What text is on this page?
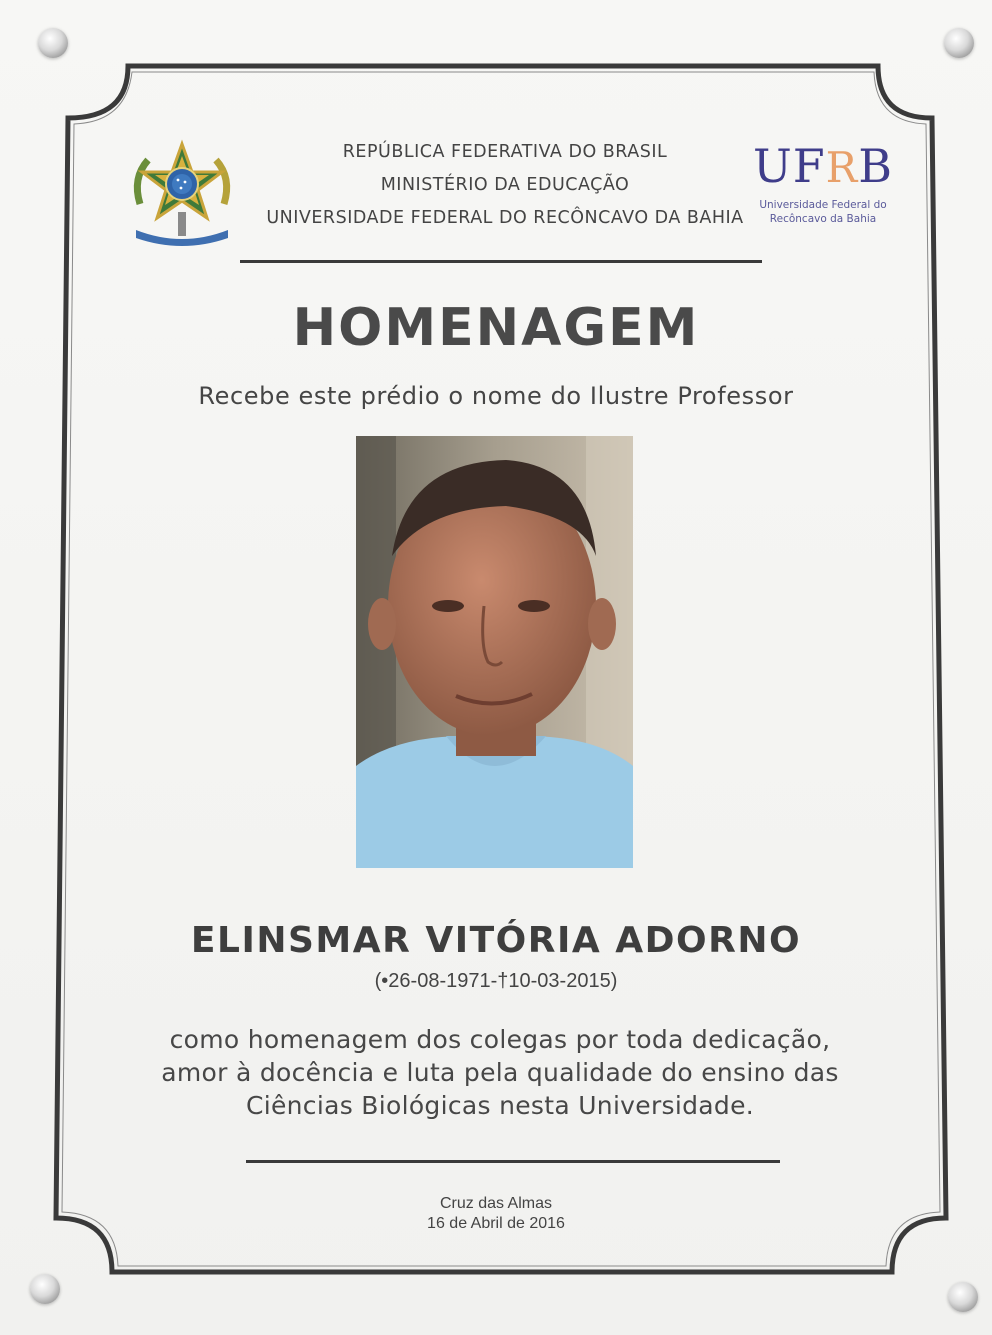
REPÚBLICA FEDERATIVA DO BRASIL
MINISTÉRIO DA EDUCAÇÃO
UNIVERSIDADE FEDERAL DO RECÔNCAVO DA BAHIA
UFRB
Universidade Federal do
Recôncavo da Bahia
HOMENAGEM
Recebe este prédio o nome do Ilustre Professor
ELINSMAR VITÓRIA ADORNO
(•26-08-1971-†10-03-2015)
como homenagem dos colegas por toda dedicação,
amor à docência e luta pela qualidade do ensino das
Ciências Biológicas nesta Universidade.
Cruz das Almas
16 de Abril de 2016
